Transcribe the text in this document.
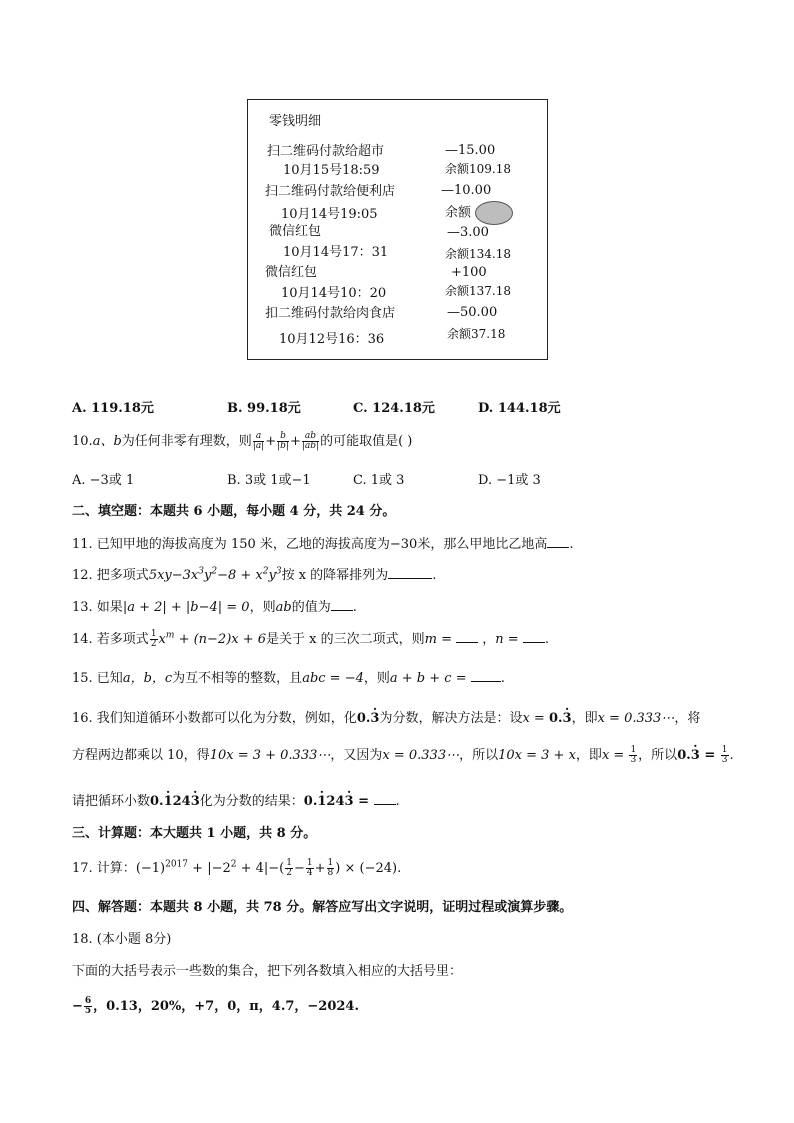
零钱明细
扫二维码付款给超市
10月15号18:59
—15.00
余额109.18
扫二维码付款给便利店
10月14号19:05
—10.00
余额
微信红包
10月14号17：31
—3.00
余额134.18
微信红包
10月14号10：20
+100
余额137.18
扣二维码付款给肉食店
10月12号16：36
—50.00
余额37.18
A. 119.18元	B. 99.18元	C. 124.18元	D. 144.18元
10.a、b为任何非零有理数，则 $\frac{a}{|a|} + \frac{b}{|b|} + \frac{ab}{|ab|}$ 的可能取值是( )
A. −3或 1	B. 3或 1或−1	C. 1或 3	D. −1或 3
二、填空题：本题共 6 小题，每小题 4 分，共 24 分。
11. 已知甲地的海拔高度为 150 米，乙地的海拔高度为−30米，那么甲地比乙地高 .
12. 把多项式$5xy-3x^3y^2-8 + x^2y^3$按 x 的降幂排列为	.
13. 如果|a + 2| + |b−4| = 0，则ab的值为 .
14. 若多项式 $\frac{1}{2} x^m + (n-2)x + 6$是关于 x 的三次二项式，则m =  ，n = .
15. 已知a，b，c为互不相等的整数，且abc = −4，则a + b + c = .
16. 我们知道循环小数都可以化为分数，例如，化0.3 ·为分数，解决方法是：设x = 0.3 ·，即x = 0.333⋯，将
方程两边都乘以 10，得10x = 3 + 0.333⋯，又因为x = 0.333⋯，所以10x = 3 + x，即$x = \frac{1}{3}$ ，所以0.3 · = $\frac{1}{3}$ .
请把循环小数0.1 ·243 ·化为分数的结果：0.1 ·243 · = .
三、计算题：本大题共 1 小题，共 8 分。
17. 计算：$(-1)^{2017} + |-2^2 + 4|-( \frac{1}{2} - \frac{1}{4} + \frac{1}{8}$ ) × (−24).
四、解答题：本题共 8 小题，共 78 分。解答应写出文字说明，证明过程或演算步骤。
18. (本小题 8分)
下面的大括号表示一些数的集合，把下列各数填入相应的大括号里：
− $\frac{6}{5}$ ，0.13，20%，+7，0，π，4.7，−2024.
